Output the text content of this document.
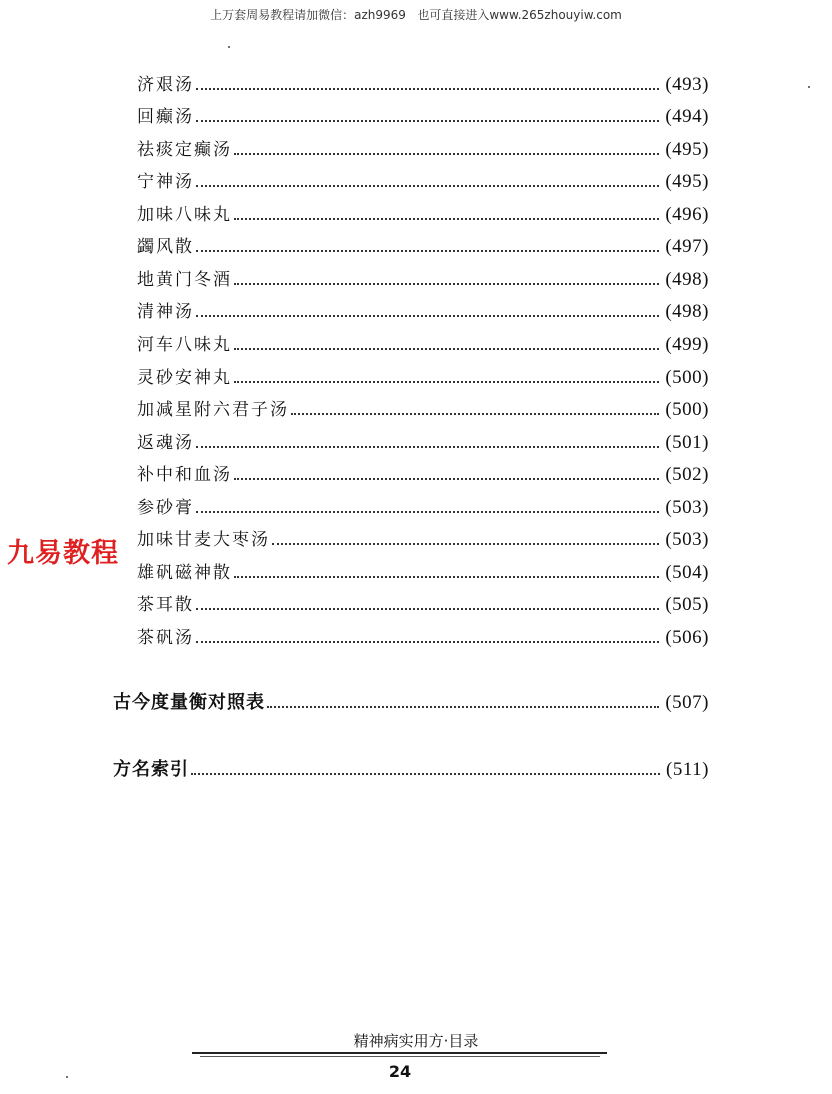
上万套周易教程请加微信：azh9969   也可直接进入www.265zhouyiw.com
济艰汤	(493)
回癫汤	(494)
祛痰定癫汤	(495)
宁神汤	(495)
加味八味丸	(496)
蠲风散	(497)
地黄门冬酒	(498)
清神汤	(498)
河车八味丸	(499)
灵砂安神丸	(500)
加减星附六君子汤	(500)
返魂汤	(501)
补中和血汤	(502)
参砂膏	(503)
加味甘麦大枣汤	(503)
雄矾磁神散	(504)
茶耳散	(505)
茶矾汤	(506)
古今度量衡对照表	(507)
方名索引	(511)
九易教程
精神病实用方·目录
24
